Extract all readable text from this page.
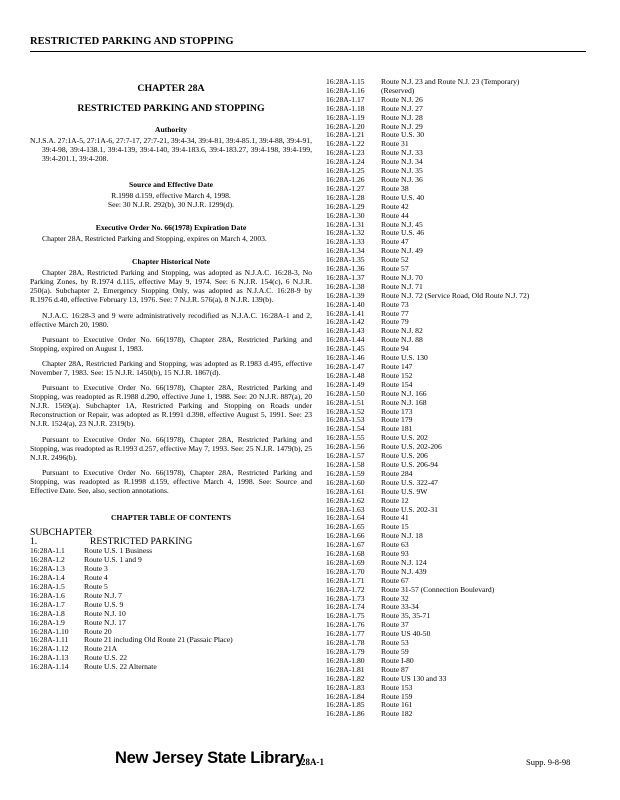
RESTRICTED PARKING AND STOPPING
CHAPTER 28A
RESTRICTED PARKING AND STOPPING
Authority

N.J.S.A. 27:1A-5, 27:1A-6, 27:7-17, 27:7-21, 39:4-34, 39:4-81, 39:4-85.1, 39:4-88, 39:4-91, 39:4-98, 39:4-138.1, 39:4-139, 39:4-140, 39:4-183.6, 39:4-183.27, 39:4-198, 39:4-199, 39:4-201.1, 39:4-208.

Source and Effective Date
R.1998 d.159, effective March 4, 1998.
See: 30 N.J.R. 292(b), 30 N.J.R. 1299(d).
Executive Order No. 66(1978) Expiration Date

Chapter 28A, Restricted Parking and Stopping, expires on March 4, 2003.

Chapter Historical Note

Chapter 28A, Restricted Parking and Stopping, was adopted as N.J.A.C. 16:28-3, No Parking Zones, by R.1974 d.115, effective May 9, 1974. See: 6 N.J.R. 154(c), 6 N.J.R. 250(a). Subchapter 2, Emergency Stopping Only, was adopted as N.J.A.C. 16:28-9 by R.1976 d.40, effective February 13, 1976. See: 7 N.J.R. 576(a), 8 N.J.R. 139(b).

N.J.A.C. 16:28-3 and 9 were administratively recodified as N.J.A.C. 16:28A-1 and 2, effective March 20, 1980.

Pursuant to Executive Order No. 66(1978), Chapter 28A, Restricted Parking and Stopping, expired on August 1, 1983.

Chapter 28A, Restricted Parking and Stopping, was adopted as R.1983 d.495, effective November 7, 1983. See: 15 N.J.R. 1450(b), 15 N.J.R. 1867(d).

Pursuant to Executive Order No. 66(1978), Chapter 28A, Restricted Parking and Stopping, was readopted as R.1988 d.290, effective June 1, 1988. See: 20 N.J.R. 887(a), 20 N.J.R. 1569(a). Subchapter 1A, Restricted Parking and Stopping on Roads under Reconstruction or Repair, was adopted as R.1991 d.398, effective August 5, 1991. See: 23 N.J.R. 1524(a), 23 N.J.R. 2319(b).

Pursuant to Executive Order No. 66(1978), Chapter 28A, Restricted Parking and Stopping, was readopted as R.1993 d.257, effective May 7, 1993. See: 25 N.J.R. 1479(b), 25 N.J.R. 2496(b).

Pursuant to Executive Order No. 66(1978), Chapter 28A, Restricted Parking and Stopping, was readopted as R.1998 d.159, effective March 4, 1998. See: Source and Effective Date. See, also, section annotations.

CHAPTER TABLE OF CONTENTS
SUBCHAPTER 1.	RESTRICTED PARKING
16:28A-1.1	Route U.S. 1 Business
16:28A-1.2	Route U.S. 1 and 9
16:28A-1.3	Route 3
16:28A-1.4	Route 4
16:28A-1.5	Route 5
16:28A-1.6	Route N.J. 7
16:28A-1.7	Route U.S. 9
16:28A-1.8	Route N.J. 10
16:28A-1.9	Route N.J. 17
16:28A-1.10	Route 20
16:28A-1.11	Route 21 including Old Route 21 (Passaic Place)
16:28A-1.12	Route 21A
16:28A-1.13	Route U.S. 22
16:28A-1.14	Route U.S. 22 Alternate
16:28A-1.15	Route N.J. 23 and Route N.J. 23 (Temporary)
16:28A-1.16	(Reserved)
16:28A-1.17	Route N.J. 26
16:28A-1.18	Route N.J. 27
16:28A-1.19	Route N.J. 28
16:28A-1.20	Route N.J. 29
16:28A-1.21	Route U.S. 30
16:28A-1.22	Route 31
16:28A-1.23	Route N.J. 33
16:28A-1.24	Route N.J. 34
16:28A-1.25	Route N.J. 35
16:28A-1.26	Route N.J. 36
16:28A-1.27	Route 38
16:28A-1.28	Route U.S. 40
16:28A-1.29	Route 42
16:28A-1.30	Route 44
16:28A-1.31	Route N.J. 45
16:28A-1.32	Route U.S. 46
16:28A-1.33	Route 47
16:28A-1.34	Route N.J. 49
16:28A-1.35	Route 52
16:28A-1.36	Route 57
16:28A-1.37	Route N.J. 70
16:28A-1.38	Route N.J. 71
16:28A-1.39	Route N.J. 72 (Service Road, Old Route N.J. 72)
16:28A-1.40	Route 73
16:28A-1.41	Route 77
16:28A-1.42	Route 79
16:28A-1.43	Route N.J. 82
16:28A-1.44	Route N.J. 88
16:28A-1.45	Route 94
16:28A-1.46	Route U.S. 130
16:28A-1.47	Route 147
16:28A-1.48	Route 152
16:28A-1.49	Route 154
16:28A-1.50	Route N.J. 166
16:28A-1.51	Route N.J. 168
16:28A-1.52	Route 173
16:28A-1.53	Route 179
16:28A-1.54	Route 181
16:28A-1.55	Route U.S. 202
16:28A-1.56	Route U.S. 202-206
16:28A-1.57	Route U.S. 206
16:28A-1.58	Route U.S. 206-94
16:28A-1.59	Route 284
16:28A-1.60	Route U.S. 322-47
16:28A-1.61	Route U.S. 9W
16:28A-1.62	Route 12
16:28A-1.63	Route U.S. 202-31
16:28A-1.64	Route 41
16:28A-1.65	Route 15
16:28A-1.66	Route N.J. 18
16:28A-1.67	Route 63
16:28A-1.68	Route 93
16:28A-1.69	Route N.J. 124
16:28A-1.70	Route N.J. 439
16:28A-1.71	Route 67
16:28A-1.72	Route 31-57 (Connection Boulevard)
16:28A-1.73	Route 32
16:28A-1.74	Route 33-34
16:28A-1.75	Route 35, 35-71
16:28A-1.76	Route 37
16:28A-1.77	Route US 40-50
16:28A-1.78	Route 53
16:28A-1.79	Route 59
16:28A-1.80	Route I-80
16:28A-1.81	Route 87
16:28A-1.82	Route US 130 and 33
16:28A-1.83	Route 153
16:28A-1.84	Route 159
16:28A-1.85	Route 161
16:28A-1.86	Route 182
New Jersey State Library
28A-1	Supp. 9-8-98
